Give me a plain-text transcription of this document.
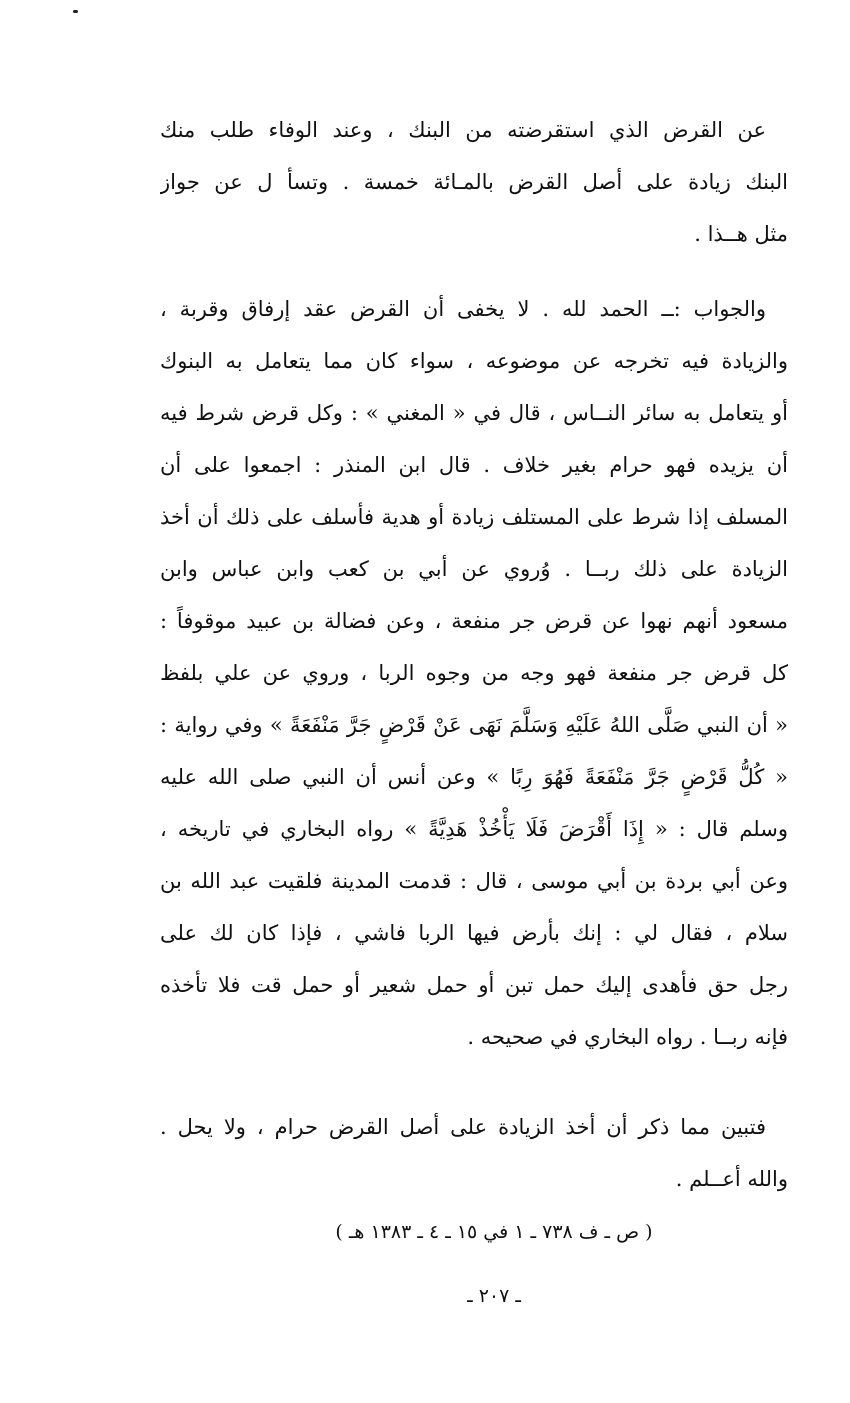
عن القرض الذي استقرضته من البنك ، وعند الوفاء طلب منك
البنك زيادة على أصل القرض بالمـائة خمسة . وتسأ ل عن جواز
مثل هــذا .
والجواب :ــ الحمد لله . لا يخفى أن القرض عقد إرفاق وقربة ،
والزيادة فيه تخرجه عن موضوعه ، سواء كان مما يتعامل به البنوك
أو يتعامل به سائر النــاس ، قال في « المغني » : وكل قرض شرط فيه
أن يزيده فهو حرام بغير خلاف . قال ابن المنذر : اجمعوا على أن
المسلف إذا شرط على المستلف زيادة أو هدية فأسلف على ذلك أن أخذ
الزيادة على ذلك ربــا . وُروي عن أبي بن كعب وابن عباس وابن
مسعود أنهم نهوا عن قرض جر منفعة ، وعن فضالة بن عبيد موقوفاً :
كل قرض جر منفعة فهو وجه من وجوه الربا ، وروي عن علي بلفظ
« أن النبي صَلَّى اللهُ عَلَيْهِ وَسَلَّمَ نَهَى عَنْ قَرْضٍ جَرَّ مَنْفَعَةً » وفي رواية :
« كُلُّ قَرْضٍ جَرَّ مَنْفَعَةً فَهُوَ رِبًا » وعن أنس أن النبي صلى الله عليه
وسلم قال : « إِذَا أَقْرَضَ فَلَا يَأْخُذْ هَدِيَّةً » رواه البخاري في تاريخه ،
وعن أبي بردة بن أبي موسى ، قال : قدمت المدينة فلقيت عبد الله بن
سلام ، فقال لي : إنك بأرض فيها الربا فاشي ، فإذا كان لك على
رجل حق فأهدى إليك حمل تبن أو حمل شعير أو حمل قت فلا تأخذه
فإنه ربــا . رواه البخاري في صحيحه .
فتبين مما ذكر أن أخذ الزيادة على أصل القرض حرام ، ولا يحل .
والله أعــلم .
( ص ـ ف ٧٣٨ ـ ١ في ١٥ ـ ٤ ـ ١٣٨٣ هـ )
ـ ٢٠٧ ـ
